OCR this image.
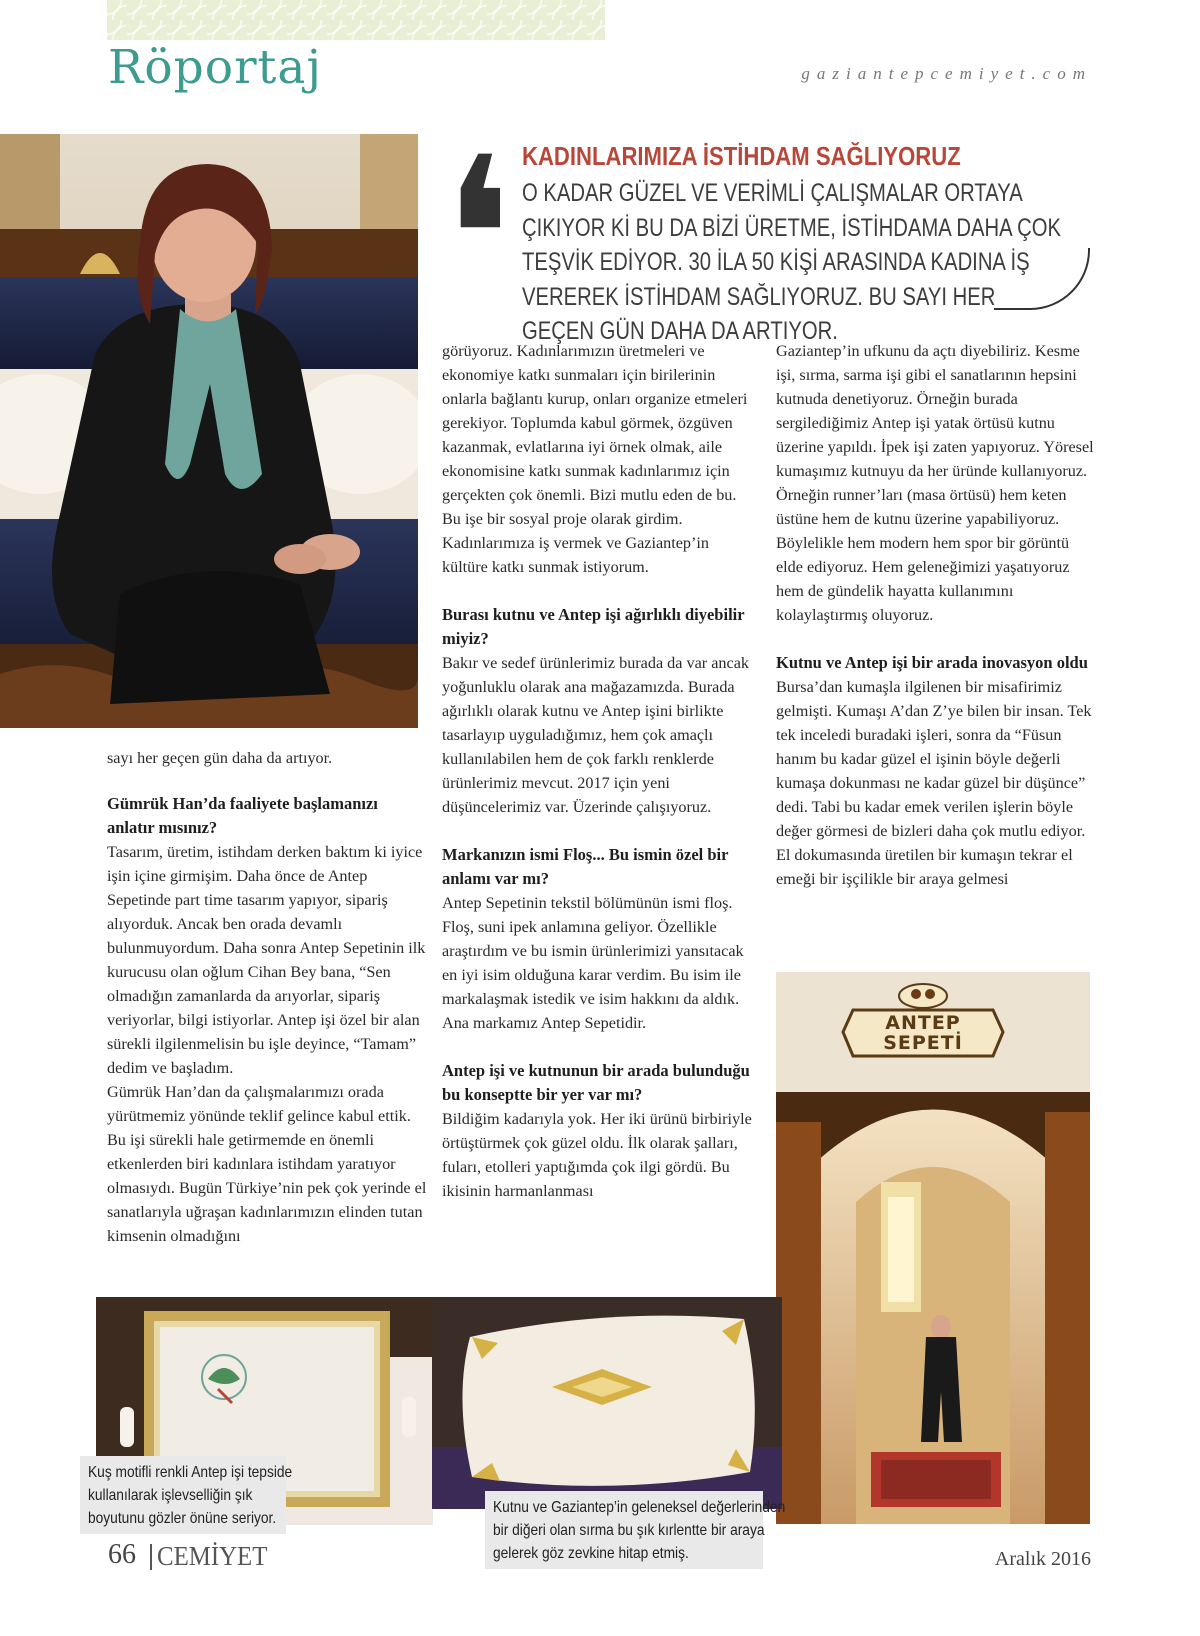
Röportaj	gaziantepcemiyet.com
❛ KADINLARIMIZA İSTİHDAM SAĞLIYORUZ
O KADAR GÜZEL VE VERİMLİ ÇALIŞMALAR ORTAYA ÇIKIYOR Kİ BU DA BİZİ ÜRETME, İSTİHDAMA DAHA ÇOK TEŞVİK EDİYOR. 30 İLA 50 KİŞİ ARASINDA KADINA İŞ VEREREK İSTİHDAM SAĞLIYORUZ. BU SAYI HER GEÇEN GÜN DAHA DA ARTIYOR.

sayı her geçen gün daha da artıyor.

Gümrük Han’da faaliyete başlamanızı anlatır mısınız?

Tasarım, üretim, istihdam derken baktım ki iyice işin içine girmişim. Daha önce de Antep Sepetinde part time tasarım yapıyor, sipariş alıyorduk. Ancak ben orada devamlı bulunmuyordum. Daha sonra Antep Sepetinin ilk kurucusu olan oğlum Cihan Bey bana, “Sen olmadığın zamanlarda da arıyorlar, sipariş veriyorlar, bilgi istiyorlar. Antep işi özel bir alan sürekli ilgilenmelisin bu işle deyince, “Tamam” dedim ve başladım.

Gümrük Han’dan da çalışmalarımızı orada yürütmemiz yönünde teklif gelince kabul ettik. Bu işi sürekli hale getirmemde en önemli etkenlerden biri kadınlara istihdam yaratıyor olmasıydı. Bugün Türkiye’nin pek çok yerinde el sanatlarıyla uğraşan kadınlarımızın elinden tutan kimsenin olmadığını

görüyoruz. Kadınlarımızın üretmeleri ve ekonomiye katkı sunmaları için birilerinin onlarla bağlantı kurup, onları organize etmeleri gerekiyor. Toplumda kabul görmek, özgüven kazanmak, evlatlarına iyi örnek olmak, aile ekonomisine katkı sunmak kadınlarımız için gerçekten çok önemli. Bizi mutlu eden de bu. Bu işe bir sosyal proje olarak girdim. Kadınlarımıza iş vermek ve Gaziantep’in kültüre katkı sunmak istiyorum.

Burası kutnu ve Antep işi ağırlıklı diyebilir miyiz?

Bakır ve sedef ürünlerimiz burada da var ancak yoğunluklu olarak ana mağazamızda. Burada ağırlıklı olarak kutnu ve Antep işini birlikte tasarlayıp uyguladığımız, hem çok amaçlı kullanılabilen hem de çok farklı renklerde ürünlerimiz mevcut. 2017 için yeni düşüncelerimiz var. Üzerinde çalışıyoruz.

Markanızın ismi Floş... Bu ismin özel bir anlamı var mı?

Antep Sepetinin tekstil bölümünün ismi floş. Floş, suni ipek anlamına geliyor. Özellikle araştırdım ve bu ismin ürünlerimizi yansıtacak en iyi isim olduğuna karar verdim. Bu isim ile markalaşmak istedik ve isim hakkını da aldık. Ana markamız Antep Sepetidir.

Antep işi ve kutnunun bir arada bulunduğu bu konseptte bir yer var mı?

Bildiğim kadarıyla yok. Her iki ürünü birbiriyle örtüştürmek çok güzel oldu. İlk olarak şalları, fuları, etolleri yaptığımda çok ilgi gördü. Bu ikisinin harmanlanması

Gaziantep’in ufkunu da açtı diyebiliriz. Kesme işi, sırma, sarma işi gibi el sanatlarının hepsini kutnuda denetiyoruz. Örneğin burada sergilediğimiz Antep işi yatak örtüsü kutnu üzerine yapıldı. İpek işi zaten yapıyoruz. Yöresel kumaşımız kutnuyu da her üründe kullanıyoruz. Örneğin runner’ları (masa örtüsü) hem keten üstüne hem de kutnu üzerine yapabiliyoruz. Böylelikle hem modern hem spor bir görüntü elde ediyoruz. Hem geleneğimizi yaşatıyoruz hem de gündelik hayatta kullanımını kolaylaştırmış oluyoruz.

Kutnu ve Antep işi bir arada inovasyon oldu

Bursa’dan kumaşla ilgilenen bir misafirimiz gelmişti. Kumaşı A’dan Z’ye bilen bir insan. Tek tek inceledi buradaki işleri, sonra da “Füsun hanım bu kadar güzel el işinin böyle değerli kumaşa dokunması ne kadar güzel bir düşünce” dedi. Tabi bu kadar emek verilen işlerin böyle değer görmesi de bizleri daha çok mutlu ediyor.

El dokumasında üretilen bir kumaşın tekrar el emeği bir işçilikle bir araya gelmesi

ANTEP
SEPETİ
Kuş motifli renkli Antep işi tepside
kullanılarak işlevselliğin şık
boyutunu gözler önüne seriyor.
Kutnu ve Gaziantep’in geleneksel değerlerinden
bir diğeri olan sırma bu şık kırlentte bir araya
gelerek göz zevkine hitap etmiş.
66 CEMİYET	Aralık 2016
